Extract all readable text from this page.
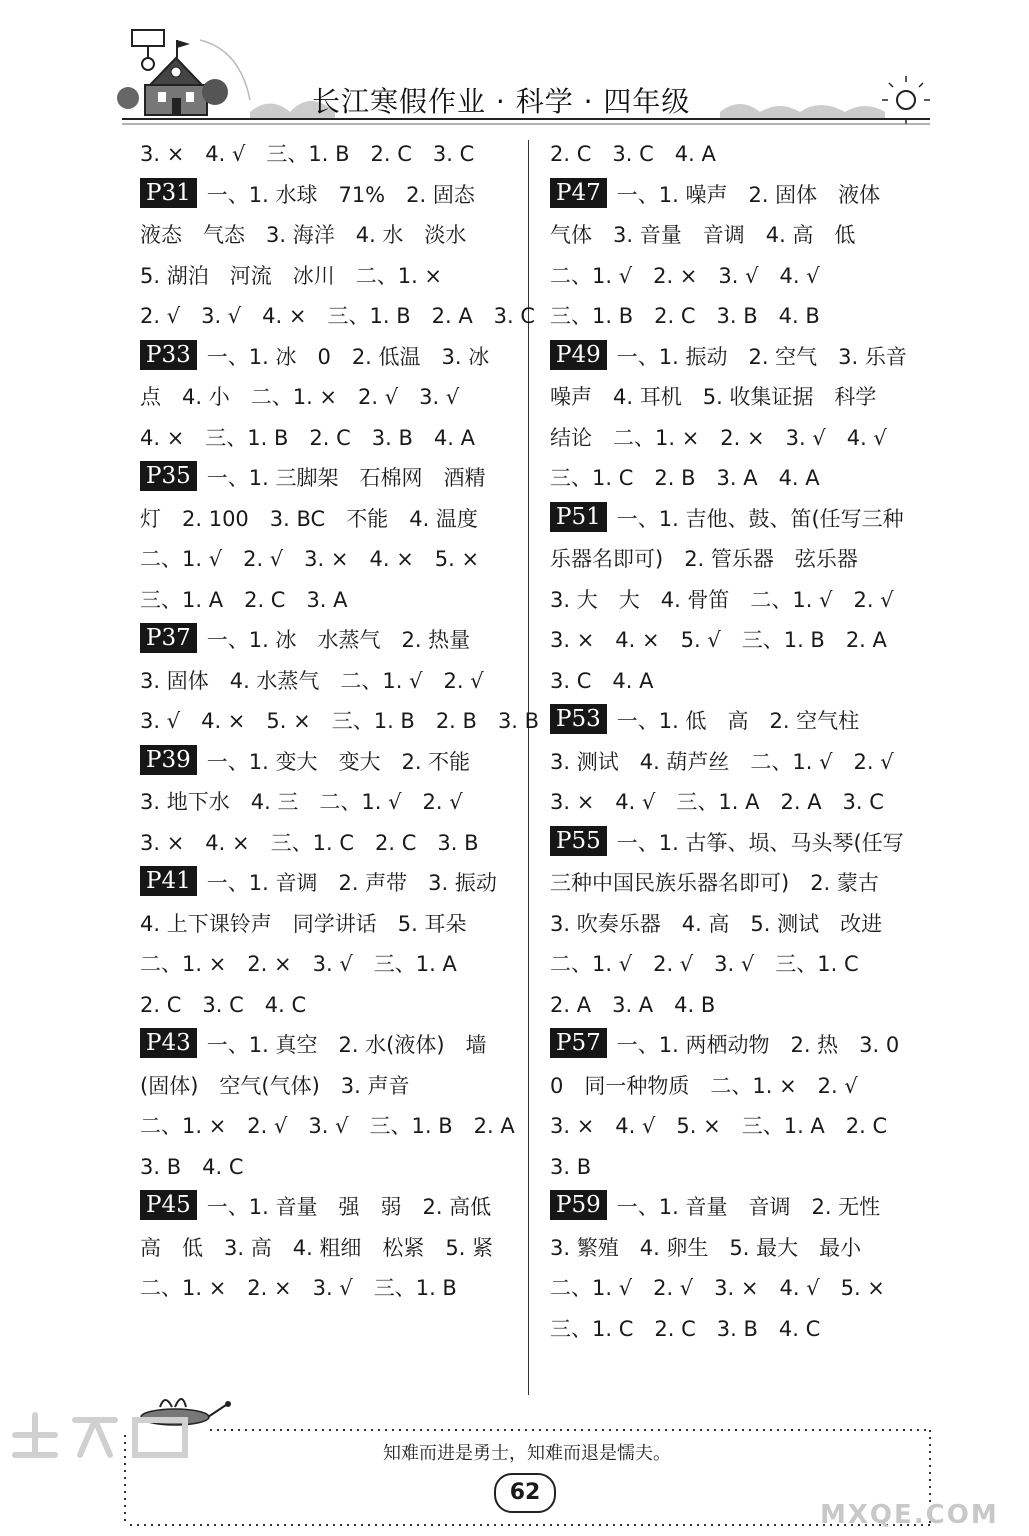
长江寒假作业 · 科学 · 四年级
3. ×　4. √　三、1. B　2. C　3. C
P31 一、1. 水球　71%　2. 固态
液态　气态　3. 海洋　4. 水　淡水
5. 湖泊　河流　冰川　二、1. ×
2. √　3. √　4. ×　三、1. B　2. A　3. C
P33 一、1. 冰　0　2. 低温　3. 冰
点　4. 小　二、1. ×　2. √　3. √
4. ×　三、1. B　2. C　3. B　4. A
P35 一、1. 三脚架　石棉网　酒精
灯　2. 100　3. BC　不能　4. 温度
二、1. √　2. √　3. ×　4. ×　5. ×
三、1. A　2. C　3. A
P37 一、1. 冰　水蒸气　2. 热量
3. 固体　4. 水蒸气　二、1. √　2. √
3. √　4. ×　5. ×　三、1. B　2. B　3. B
P39 一、1. 变大　变大　2. 不能
3. 地下水　4. 三　二、1. √　2. √
3. ×　4. ×　三、1. C　2. C　3. B
P41 一、1. 音调　2. 声带　3. 振动
4. 上下课铃声　同学讲话　5. 耳朵
二、1. ×　2. ×　3. √　三、1. A
2. C　3. C　4. C
P43 一、1. 真空　2. 水(液体)　墙
(固体)　空气(气体)　3. 声音
二、1. ×　2. √　3. √　三、1. B　2. A
3. B　4. C
P45 一、1. 音量　强　弱　2. 高低
高　低　3. 高　4. 粗细　松紧　5. 紧
二、1. ×　2. ×　3. √　三、1. B
2. C　3. C　4. A
P47 一、1. 噪声　2. 固体　液体
气体　3. 音量　音调　4. 高　低
二、1. √　2. ×　3. √　4. √
三、1. B　2. C　3. B　4. B
P49 一、1. 振动　2. 空气　3. 乐音
噪声　4. 耳机　5. 收集证据　科学
结论　二、1. ×　2. ×　3. √　4. √
三、1. C　2. B　3. A　4. A
P51 一、1. 吉他、鼓、笛(任写三种
乐器名即可)　2. 管乐器　弦乐器
3. 大　大　4. 骨笛　二、1. √　2. √
3. ×　4. ×　5. √　三、1. B　2. A
3. C　4. A
P53 一、1. 低　高　2. 空气柱
3. 测试　4. 葫芦丝　二、1. √　2. √
3. ×　4. √　三、1. A　2. A　3. C
P55 一、1. 古筝、埙、马头琴(任写
三种中国民族乐器名即可)　2. 蒙古
3. 吹奏乐器　4. 高　5. 测试　改进
二、1. √　2. √　3. √　三、1. C
2. A　3. A　4. B
P57 一、1. 两栖动物　2. 热　3. 0
0　同一种物质　二、1. ×　2. √
3. ×　4. √　5. ×　三、1. A　2. C
3. B
P59 一、1. 音量　音调　2. 无性
3. 繁殖　4. 卵生　5. 最大　最小
二、1. √　2. √　3. ×　4. √　5. ×
三、1. C　2. C　3. B　4. C
知难而进是勇士，知难而退是懦夫。
62
MXQE.COM
